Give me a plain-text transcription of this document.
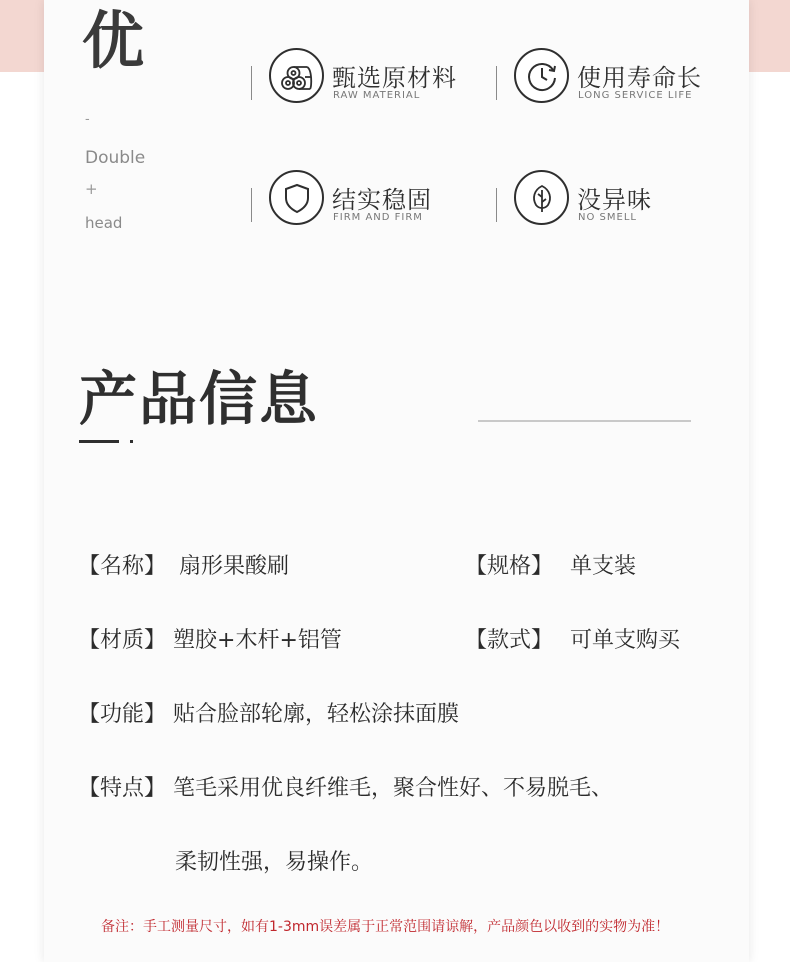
优
-
Double
+
head
甄选原材料
RAW MATERIAL
使用寿命长
LONG SERVICE LIFE
结实稳固
FIRM AND FIRM
没异味
NO SMELL
产品信息
【名称】 扇形果酸刷	【规格】 单支装
【材质】 塑胶+木杆+铝管	【款式】 可单支购买
【功能】 贴合脸部轮廓，轻松涂抹面膜
【特点】 笔毛采用优良纤维毛，聚合性好、不易脱毛、
柔韧性强，易操作。
备注：手工测量尺寸，如有1-3mm误差属于正常范围请谅解，产品颜色以收到的实物为准！
